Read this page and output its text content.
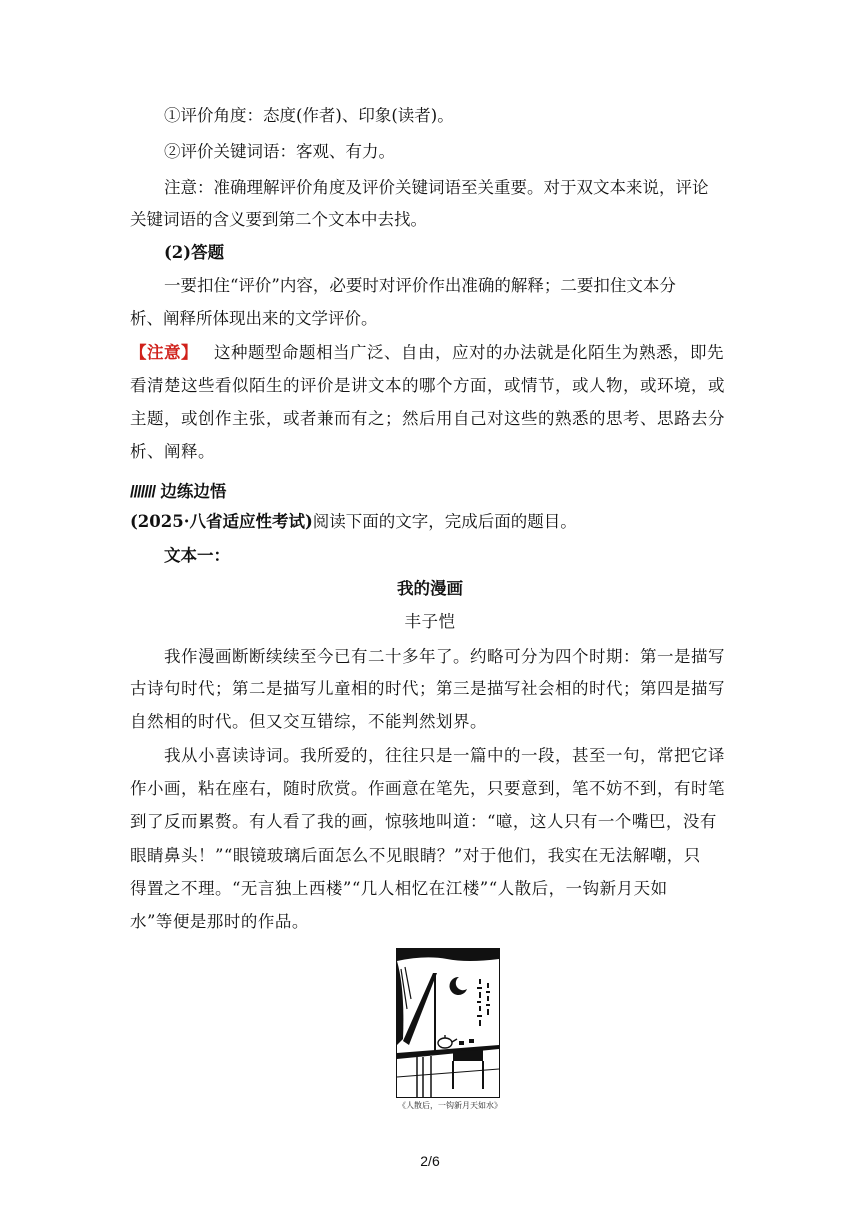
①评价角度：态度(作者)、印象(读者)。
②评价关键词语：客观、有力。
注意：准确理解评价角度及评价关键词语至关重要。对于双文本来说，评论
关键词语的含义要到第二个文本中去找。
(2)答题
一要扣住“评价”内容，必要时对评价作出准确的解释；二要扣住文本分
析、阐释所体现出来的文学评价。
【注意】 这种题型命题相当广泛、自由，应对的办法就是化陌生为熟悉，即先
看清楚这些看似陌生的评价是讲文本的哪个方面，或情节，或人物，或环境，或
主题，或创作主张，或者兼而有之；然后用自己对这些的熟悉的思考、思路去分
析、阐释。
/////// 边练边悟
(2025·八省适应性考试)阅读下面的文字，完成后面的题目。
文本一：
我的漫画
丰子恺
我作漫画断断续续至今已有二十多年了。约略可分为四个时期：第一是描写
古诗句时代；第二是描写儿童相的时代；第三是描写社会相的时代；第四是描写
自然相的时代。但又交互错综，不能判然划界。
我从小喜读诗词。我所爱的，往往只是一篇中的一段，甚至一句，常把它译
作小画，粘在座右，随时欣赏。作画意在笔先，只要意到，笔不妨不到，有时笔
到了反而累赘。有人看了我的画，惊骇地叫道：“噫，这人只有一个嘴巴，没有
眼睛鼻头！”“眼镜玻璃后面怎么不见眼睛？”对于他们，我实在无法解嘲，只
得置之不理。“无言独上西楼”“几人相忆在江楼”“人散后，一钩新月天如
水”等便是那时的作品。
《人散后，一钩新月天如水》
2/6
